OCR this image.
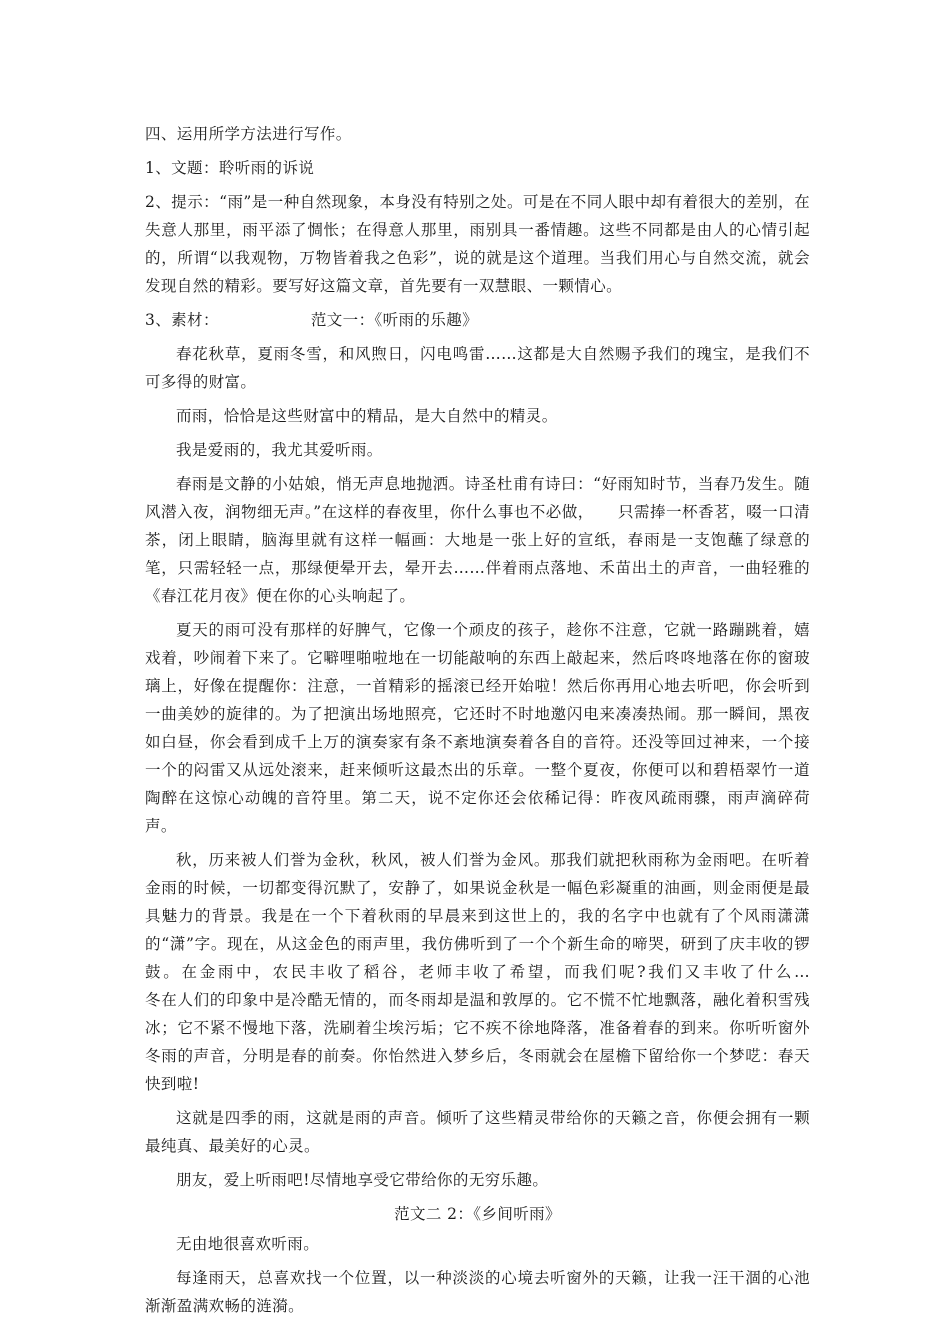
四、运用所学方法进行写作。
1、文题：聆听雨的诉说
2、提示：“雨”是一种自然现象，本身没有特别之处。可是在不同人眼中却有着很大的差别，在失意人那里，雨平添了惆怅；在得意人那里，雨别具一番情趣。这些不同都是由人的心情引起的，所谓“以我观物，万物皆着我之色彩”，说的就是这个道理。当我们用心与自然交流，就会发现自然的精彩。要写好这篇文章，首先要有一双慧眼、一颗情心。
3、素材：	范文一：《听雨的乐趣》
春花秋草，夏雨冬雪，和风煦日，闪电鸣雷……这都是大自然赐予我们的瑰宝，是我们不可多得的财富。
而雨，恰恰是这些财富中的精品，是大自然中的精灵。
我是爱雨的，我尤其爱听雨。
春雨是文静的小姑娘，悄无声息地抛洒。诗圣杜甫有诗曰：“好雨知时节，当春乃发生。随风潜入夜，润物细无声。”在这样的春夜里，你什么事也不必做，　　只需捧一杯香茗，啜一口清茶，闭上眼睛，脑海里就有这样一幅画：大地是一张上好的宣纸，春雨是一支饱蘸了绿意的笔，只需轻轻一点，那绿便晕开去，晕开去……伴着雨点落地、禾苗出土的声音，一曲轻雅的《春江花月夜》便在你的心头响起了。
夏天的雨可没有那样的好脾气，它像一个顽皮的孩子，趁你不注意，它就一路蹦跳着，嬉戏着，吵闹着下来了。它噼哩啪啦地在一切能敲响的东西上敲起来，然后咚咚地落在你的窗玻璃上，好像在提醒你：注意，一首精彩的摇滚已经开始啦！然后你再用心地去听吧，你会听到一曲美妙的旋律的。为了把演出场地照亮，它还时不时地邀闪电来凑凑热闹。那一瞬间，黑夜如白昼，你会看到成千上万的演奏家有条不紊地演奏着各自的音符。还没等回过神来，一个接一个的闷雷又从远处滚来，赶来倾听这最杰出的乐章。一整个夏夜，你便可以和碧梧翠竹一道陶醉在这惊心动魄的音符里。第二天，说不定你还会依稀记得：昨夜风疏雨骤，雨声滴碎荷声。
秋，历来被人们誉为金秋，秋风，被人们誉为金风。那我们就把秋雨称为金雨吧。在听着金雨的时候，一切都变得沉默了，安静了，如果说金秋是一幅色彩凝重的油画，则金雨便是最具魅力的背景。我是在一个下着秋雨的早晨来到这世上的，我的名字中也就有了个风雨潇潇的“潇”字。现在，从这金色的雨声里，我仿佛听到了一个个新生命的啼哭，研到了庆丰收的锣鼓。在金雨中，农民丰收了稻谷，老师丰收了希望，而我们呢?我们又丰收了什么…　　　　　　冬在人们的印象中是冷酷无情的，而冬雨却是温和敦厚的。它不慌不忙地飘落，融化着积雪残冰；它不紧不慢地下落，洗刷着尘埃污垢；它不疾不徐地降落，准备着春的到来。你听听窗外冬雨的声音，分明是春的前奏。你怡然进入梦乡后，冬雨就会在屋檐下留给你一个梦呓：春天快到啦!
这就是四季的雨，这就是雨的声音。倾听了这些精灵带给你的天籁之音，你便会拥有一颗最纯真、最美好的心灵。
朋友，爱上听雨吧!尽情地享受它带给你的无穷乐趣。
范文二 2：《乡间听雨》
无由地很喜欢听雨。
每逢雨天，总喜欢找一个位置，以一种淡淡的心境去听窗外的天籁，让我一汪干涸的心池渐渐盈满欢畅的涟漪。
